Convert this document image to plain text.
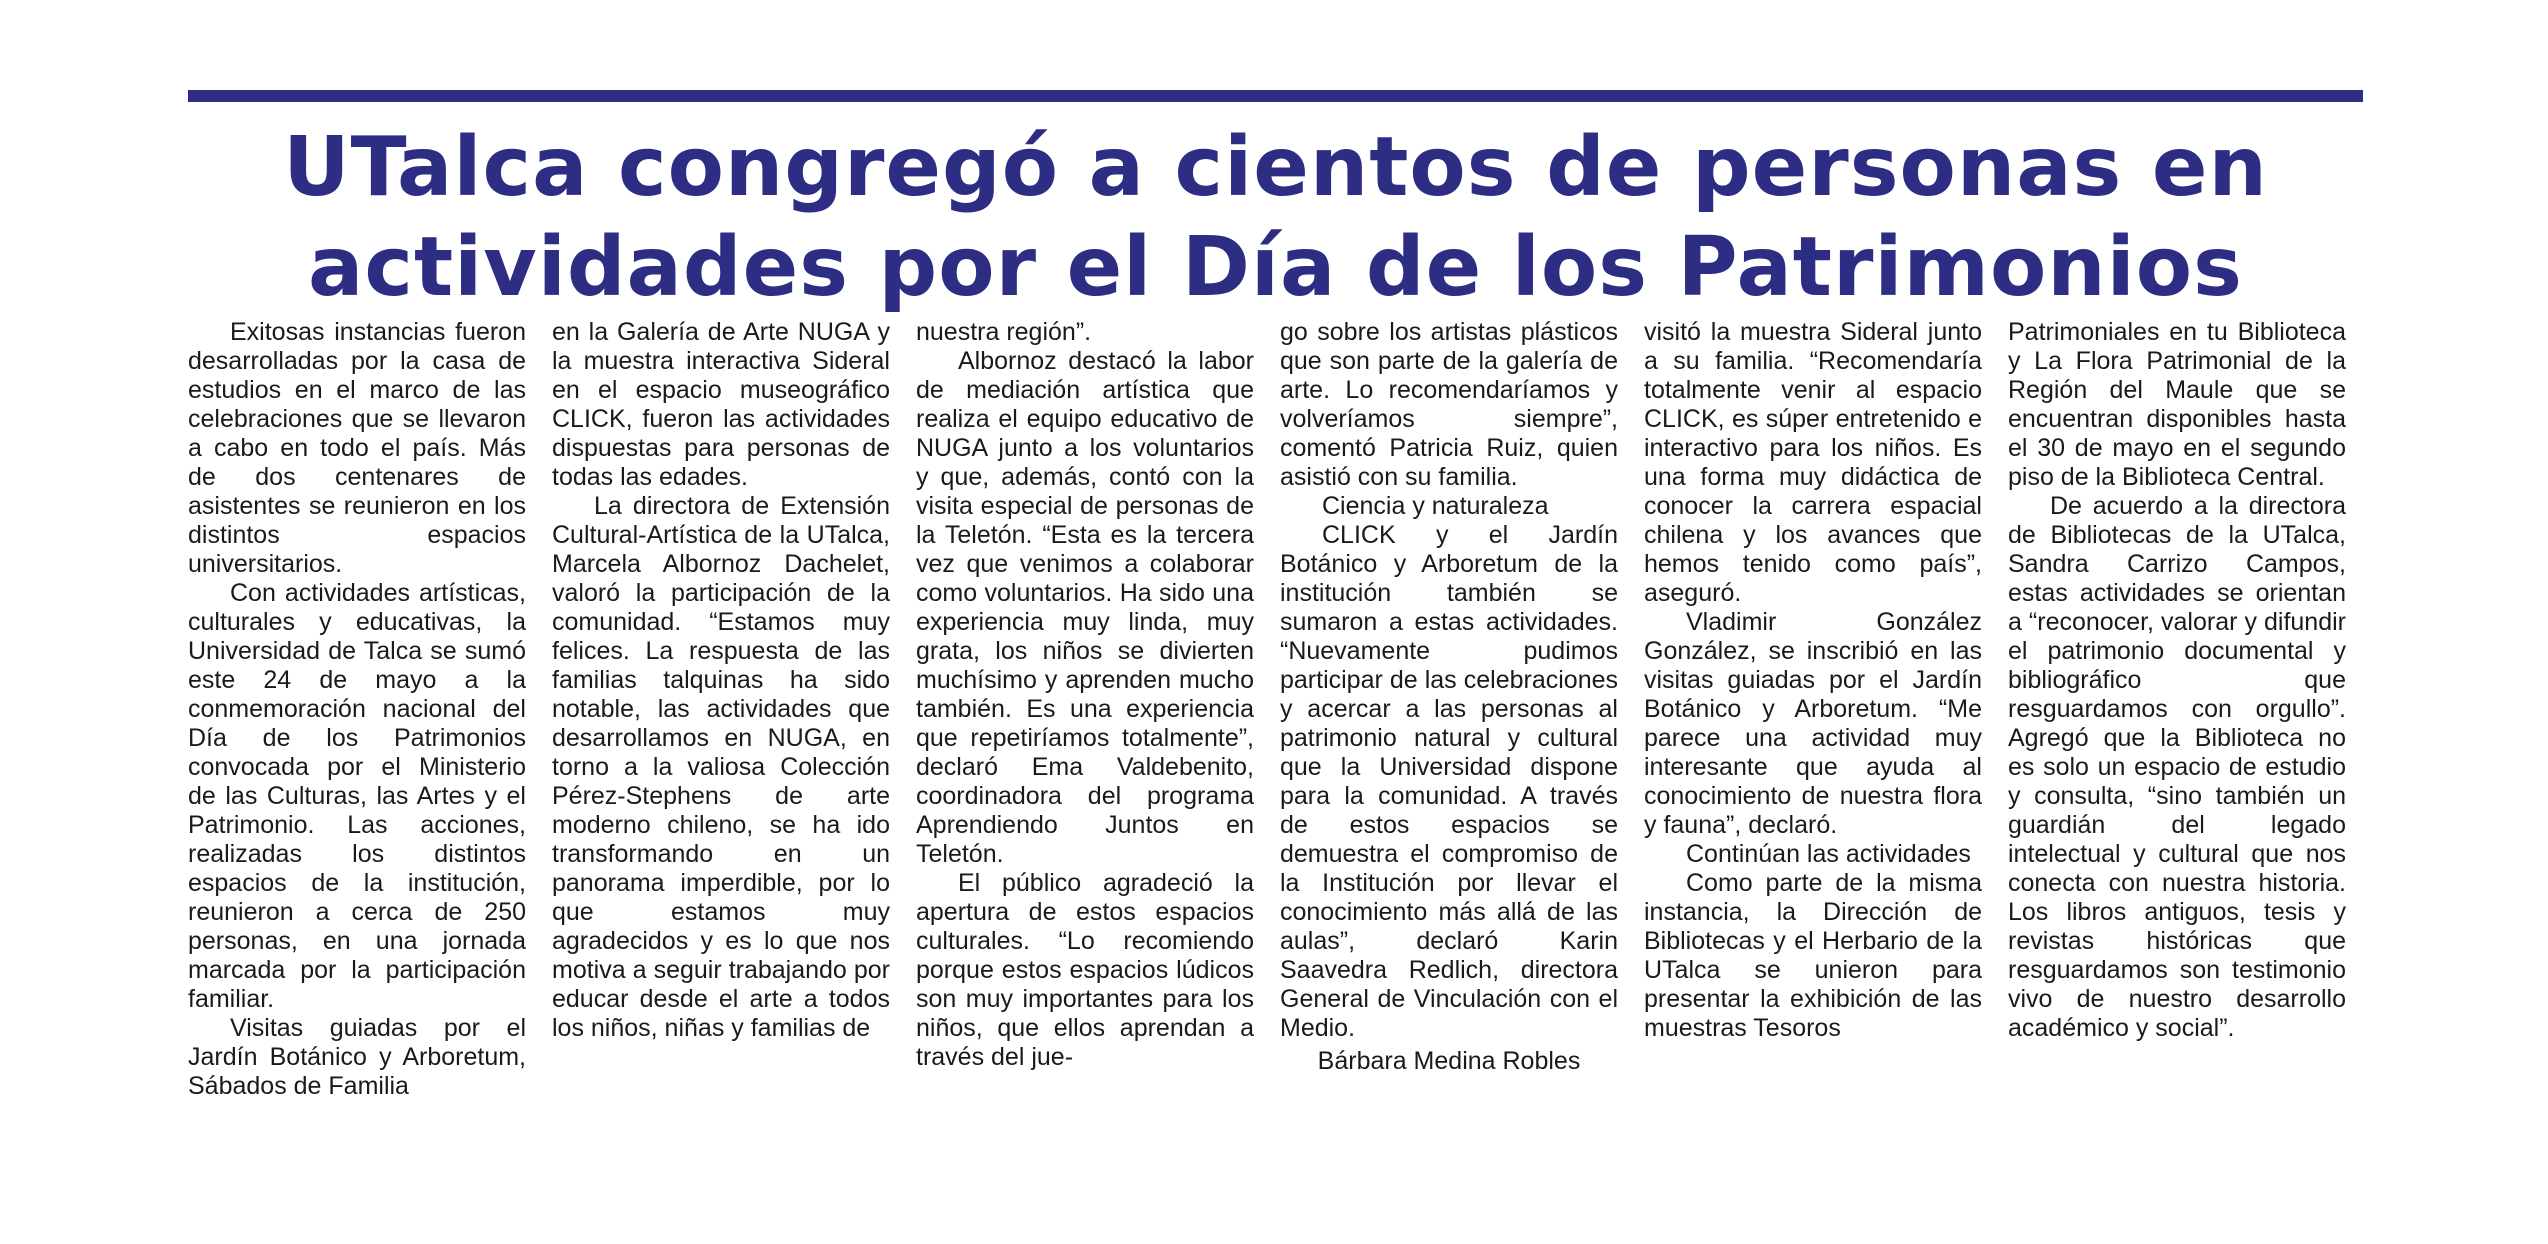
UTalca congregó a cientos de personas en
actividades por el Día de los Patrimonios

Exitosas instancias fueron desarrolladas por la casa de estudios en el marco de las celebraciones que se llevaron a cabo en todo el país. Más de dos centenares de asistentes se reunieron en los distintos espacios universitarios.

Con actividades artísticas, culturales y educativas, la Universidad de Talca se sumó este 24 de mayo a la conmemoración nacional del Día de los Patrimonios convocada por el Ministerio de las Culturas, las Artes y el Patrimonio. Las acciones, realizadas los distintos espacios de la institución, reunieron a cerca de 250 personas, en una jornada marcada por la participación familiar.

Visitas guiadas por el Jardín Botánico y Arboretum, Sábados de Familia

en la Galería de Arte NUGA y la muestra interactiva Sideral en el espacio museográfico CLICK, fueron las actividades dispuestas para personas de todas las edades.

La directora de Extensión Cultural-Artística de la UTalca, Marcela Albornoz Dachelet, valoró la participación de la comunidad. “Estamos muy felices. La respuesta de las familias talquinas ha sido notable, las actividades que desarrollamos en NUGA, en torno a la valiosa Colección Pérez-Stephens de arte moderno chileno, se ha ido transformando en un panorama imperdible, por lo que estamos muy agradecidos y es lo que nos motiva a seguir trabajando por educar desde el arte a todos los niños, niñas y familias de

nuestra región”.

Albornoz destacó la labor de mediación artística que realiza el equipo educativo de NUGA junto a los voluntarios y que, además, contó con la visita especial de personas de la Teletón. “Esta es la tercera vez que venimos a colaborar como voluntarios. Ha sido una experiencia muy linda, muy grata, los niños se divierten muchísimo y aprenden mucho también. Es una experiencia que repetiríamos totalmente”, declaró Ema Valdebenito, coordinadora del programa Aprendiendo Juntos en Teletón.

El público agradeció la apertura de estos espacios culturales. “Lo recomiendo porque estos espacios lúdicos son muy importantes para los niños, que ellos aprendan a través del jue-

go sobre los artistas plásticos que son parte de la galería de arte. Lo recomendaríamos y volveríamos siempre”, comentó Patricia Ruiz, quien asistió con su familia.

Ciencia y naturaleza

CLICK y el Jardín Botánico y Arboretum de la institución también se sumaron a estas actividades. “Nuevamente pudimos participar de las celebraciones y acercar a las personas al patrimonio natural y cultural que la Universidad dispone para la comunidad. A través de estos espacios se demuestra el compromiso de la Institución por llevar el conocimiento más allá de las aulas”, declaró Karin Saavedra Redlich, directora General de Vinculación con el Medio.

Bárbara Medina Robles

visitó la muestra Sideral junto a su familia. “Recomendaría totalmente venir al espacio CLICK, es súper entretenido e interactivo para los niños. Es una forma muy didáctica de conocer la carrera espacial chilena y los avances que hemos tenido como país”, aseguró.

Vladimir González González, se inscribió en las visitas guiadas por el Jardín Botánico y Arboretum. “Me parece una actividad muy interesante que ayuda al conocimiento de nuestra flora y fauna”, declaró.

Continúan las actividades

Como parte de la misma instancia, la Dirección de Bibliotecas y el Herbario de la UTalca se unieron para presentar la exhibición de las muestras Tesoros

Patrimoniales en tu Biblioteca y La Flora Patrimonial de la Región del Maule que se encuentran disponibles hasta el 30 de mayo en el segundo piso de la Biblioteca Central.

De acuerdo a la directora de Bibliotecas de la UTalca, Sandra Carrizo Campos, estas actividades se orientan a “reconocer, valorar y difundir el patrimonio documental y bibliográfico que resguardamos con orgullo”. Agregó que la Biblioteca no es solo un espacio de estudio y consulta, “sino también un guardián del legado intelectual y cultural que nos conecta con nuestra historia. Los libros antiguos, tesis y revistas históricas que resguardamos son testimonio vivo de nuestro desarrollo académico y social”.
